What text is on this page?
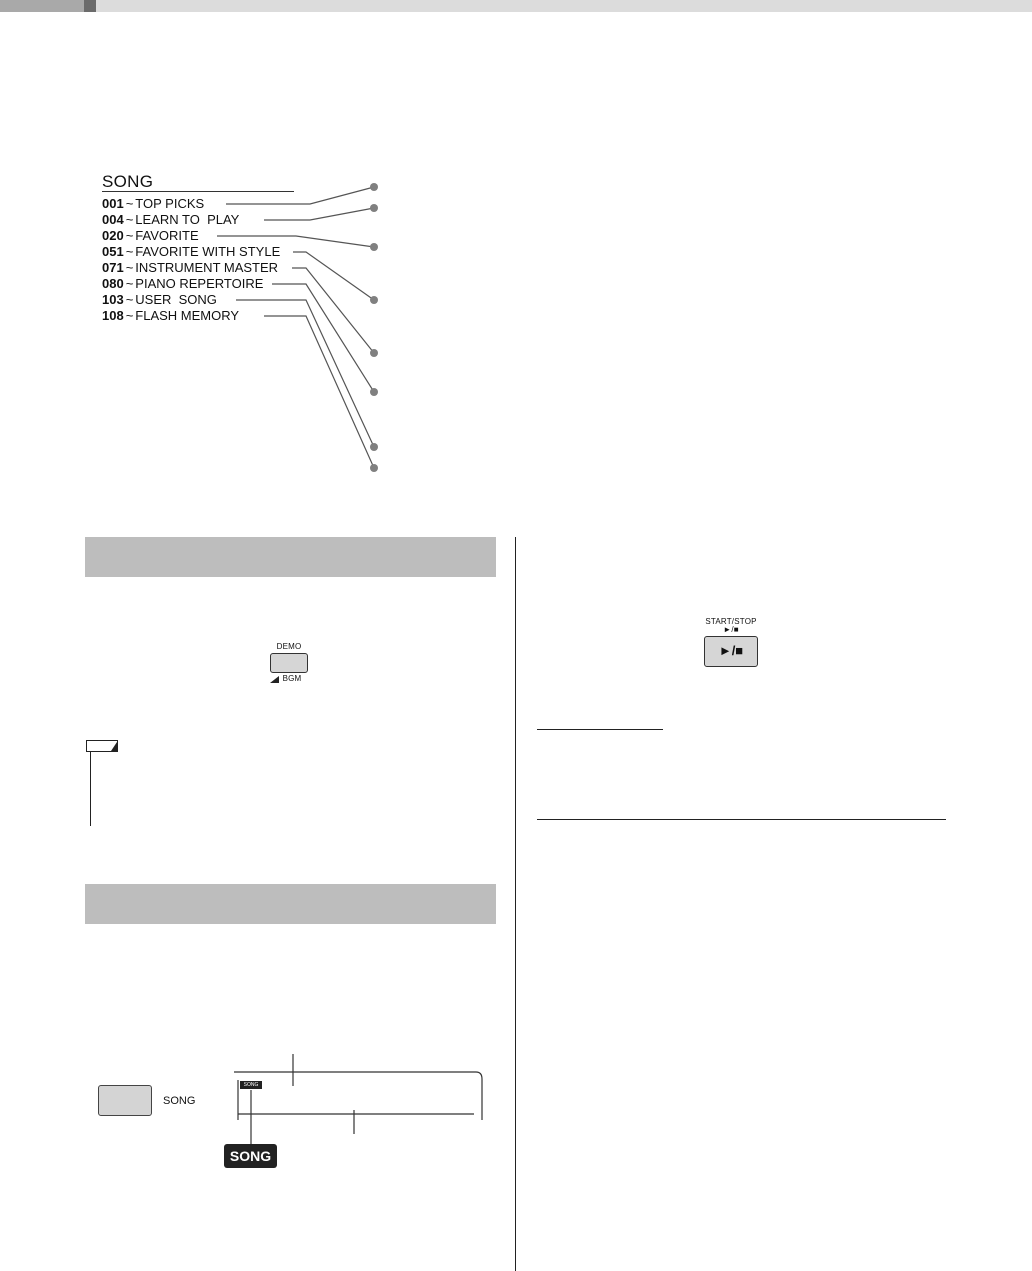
SONG
001 ~ TOP PICKS
004 ~ LEARN TO  PLAY
020 ~ FAVORITE
051 ~ FAVORITE WITH STYLE
071 ~ INSTRUMENT MASTER
080 ~ PIANO REPERTOIRE
103 ~ USER  SONG
108 ~ FLASH MEMORY
DEMO
BGM
START/STOP
►/■
►/■
SONG
SONG
SONG
